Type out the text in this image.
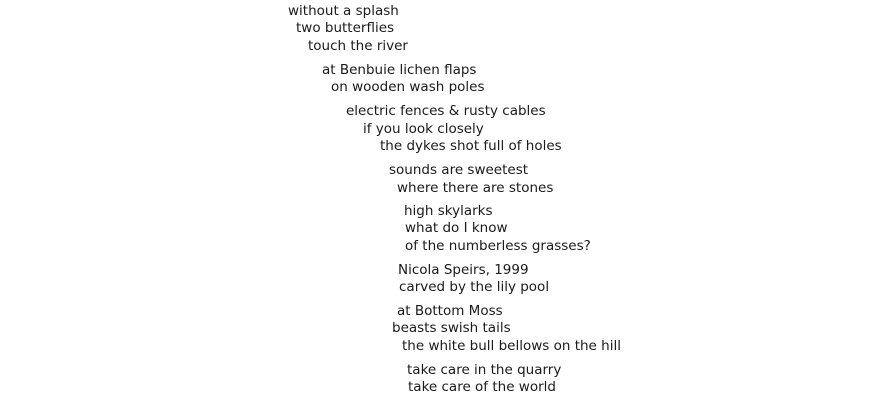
without a splash
two butterflies
touch the river
at Benbuie lichen flaps
on wooden wash poles
electric fences & rusty cables
if you look closely
the dykes shot full of holes
sounds are sweetest
where there are stones
high skylarks
what do I know
of the numberless grasses?
Nicola Speirs, 1999
carved by the lily pool
at Bottom Moss
beasts swish tails
the white bull bellows on the hill
take care in the quarry
take care of the world
